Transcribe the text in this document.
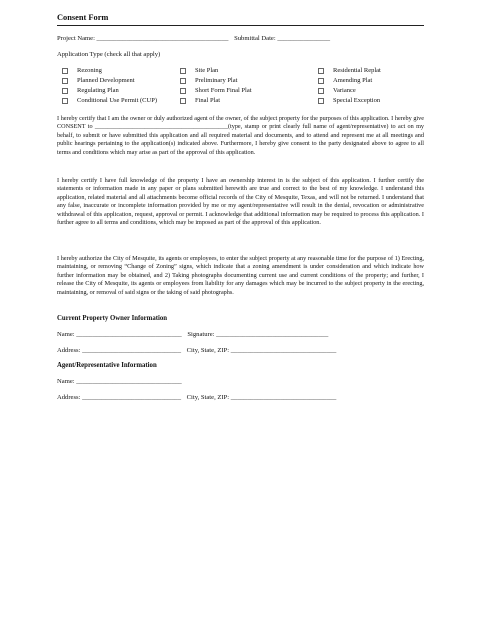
Consent Form
Project Name: ________________________________________ Submittal Date: ________________
Application Type (check all that apply)
Rezoning
Planned Development
Regulating Plan
Conditional Use Permit (CUP)
Site Plan
Preliminary Plat
Short Form Final Plat
Final Plat
Residential Replat
Amending Plat
Variance
Special Exception

I hereby certify that I am the owner or duly authorized agent of the owner, of the subject property for the purposes of this application. I hereby give CONSENT to ___________________________________________(type, stamp or print clearly full name of agent/representative) to act on my behalf, to submit or have submitted this application and all required material and documents, and to attend and represent me at all meetings and public hearings pertaining to the application(s) indicated above. Furthermore, I hereby give consent to the party designated above to agree to all terms and conditions which may arise as part of the approval of this application.

I hereby certify I have full knowledge of the property I have an ownership interest in is the subject of this application. I further certify the statements or information made in any paper or plans submitted herewith are true and correct to the best of my knowledge. I understand this application, related material and all attachments become official records of the City of Mesquite, Texas, and will not be returned. I understand that any false, inaccurate or incomplete information provided by me or my agent/representative will result in the denial, revocation or administrative withdrawal of this application, request, approval or permit. I acknowledge that additional information may be required to process this application. I further agree to all terms and conditions, which may be imposed as part of the approval of this application.

I hereby authorize the City of Mesquite, its agents or employees, to enter the subject property at any reasonable time for the purpose of 1) Erecting, maintaining, or removing “Change of Zoning” signs, which indicate that a zoning amendment is under consideration and which indicate how further information may be obtained, and 2) Taking photographs documenting current use and current conditions of the property; and further, I release the City of Mesquite, its agents or employees from liability for any damages which may be incurred to the subject property in the erecting, maintaining, or removal of said signs or the taking of said photographs.

Current Property Owner Information
Name: ________________________________ Signature: __________________________________
Address: ______________________________ City, State, ZIP: ________________________________
Agent/Representative Information
Name: ________________________________
Address: ______________________________ City, State, ZIP: ________________________________
